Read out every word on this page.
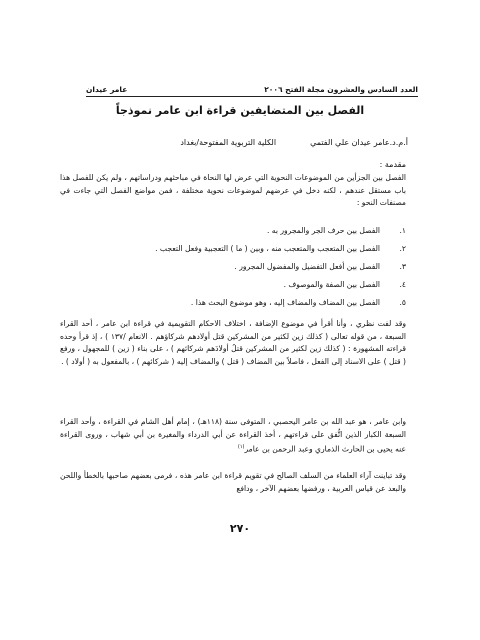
العدد السادس والعشرون مجلة الفتح ٢٠٠٦
عامر عيدان
الفصل بين المتضايفين قراءة ابن عامر نموذجاً
أ.م.د.عامر عيدان علي الفتمي
الكلية التربوية المفتوحة/بغداد
مقدمة :
الفصل بين الجزأين من الموضوعات النحوية التي عرض لها النحاة في مباحثهم ودراساتهم ، ولم يكن للفصل هذا باب مستقل عندهم ، لكنه دخل في عرضهم لموضوعات نحوية مختلفة ، فمن مواضع الفصل التي جاءت في مصنفات النحو :
١.
الفصل بين حرف الجر والمجرور به .
٢.
الفصل بين المتعجب والمتعجب منه ، وبين ( ما ) التعجبية وفعل التعجب .
٣.
الفصل بين أفعل التفضيل والمفضول المجرور .
٤.
الفصل بين الصفة والموصوف .
٥.
الفصل بين المضاف والمضاف إليه ، وهو موضوع البحث هذا .
وقد لفت نظري ، وأنا أقرأ في موضوع الإضافة ، اختلاف الاحكام التقويمية في قراءة ابن عامر ، أحد القراء السبعة ، من قوله تعالى ( كذلك زين لكثير من المشركين قتل أولادهم شركاؤهم . الانعام /١٣٧ ) ، إذ قرأ وحده قراءته المشهورة : ( كذلك زين لكثير من المشركين قتلُ أولادَهم شركائهم ) ، على بناء ( زين ) للمجهول ، ورفع ( قتل ) على الاسناد إلى الفعل ، فاصلاً بين المضاف ( قتل ) والمضاف إليه ( شركائهم ) ، بالمفعول به ( أولاد ) .
وابن عامر ، هو عبد الله بن عامر اليحصبي ، المتوفى سنة (١١٨هـ) ، إمام أهل الشام في القراءة ، وأحد القراء السبعة الكبار الذين اتُّفق على قراءتهم ، أخذ القراءة عن أبي الدرداء والمغيرة بن أبي شهاب ، وروى القراءة عنه يحيى بن الحارث الذماري وعبد الرحمن بن عامر$^{(١)}$
وقد تباينت آراء العلماء من السلف الصالح في تقويم قراءة ابن عامر هذه ، فرمى بعضهم صاحبها بالخطأ واللحن والبعد عن قياس العربية ، ورفضها بعضهم الآخر ، ودافع
٢٧٠
